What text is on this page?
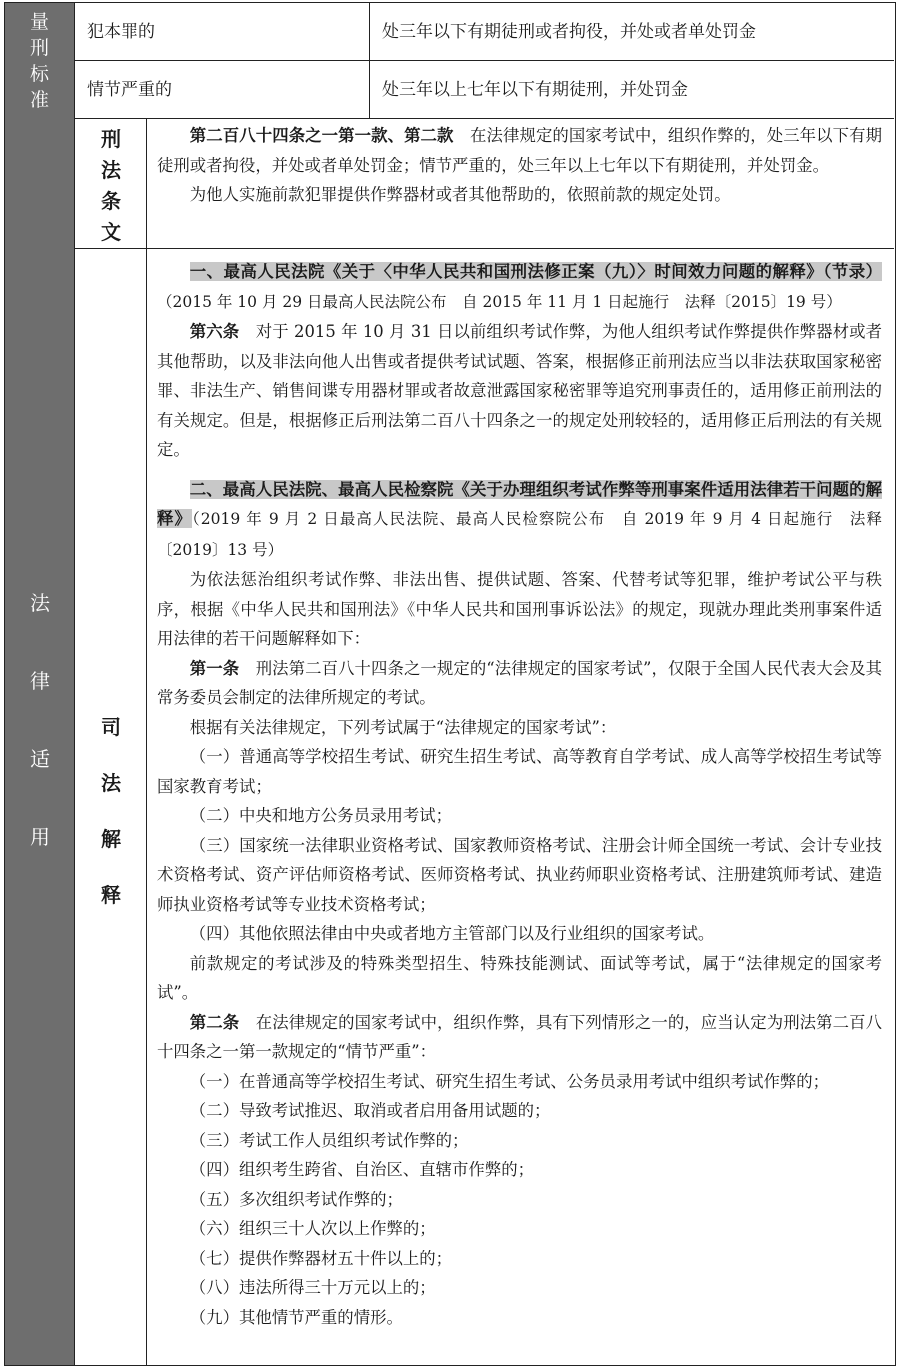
量刑标准
犯本罪的	处三年以下有期徒刑或者拘役，并处或者单处罚金
情节严重的	处三年以上七年以下有期徒刑，并处罚金
法
律
适
用
刑
法
条
文

第二百八十四条之一第一款、第二款　 在法律规定的国家考试中，组织作弊的，处三年以下有期徒刑或者拘役，并处或者单处罚金；情节严重的，处三年以上七年以下有期徒刑，并处罚金。

为他人实施前款犯罪提供作弊器材或者其他帮助的，依照前款的规定处罚。

司
法
解
释

一、最高人民法院《关于〈中华人民共和国刑法修正案（九）〉时间效力问题的解释》（节录）（2015 年 10 月 29 日最高人民法院公布　自 2015 年 11 月 1 日起施行　法释〔2015〕19 号）

第六条　 对于 2015 年 10 月 31 日以前组织考试作弊，为他人组织考试作弊提供作弊器材或者其他帮助，以及非法向他人出售或者提供考试试题、答案，根据修正前刑法应当以非法获取国家秘密罪、非法生产、销售间谍专用器材罪或者故意泄露国家秘密罪等追究刑事责任的，适用修正前刑法的有关规定。但是，根据修正后刑法第二百八十四条之一的规定处刑较轻的，适用修正后刑法的有关规定。

二、最高人民法院、最高人民检察院《关于办理组织考试作弊等刑事案件适用法律若干问题的解释》（2019 年 9 月 2 日最高人民法院、最高人民检察院公布　自 2019 年 9 月 4 日起施行　法释〔2019〕13 号）

为依法惩治组织考试作弊、非法出售、提供试题、答案、代替考试等犯罪，维护考试公平与秩序，根据《中华人民共和国刑法》《中华人民共和国刑事诉讼法》的规定，现就办理此类刑事案件适用法律的若干问题解释如下：

第一条　 刑法第二百八十四条之一规定的“法律规定的国家考试”，仅限于全国人民代表大会及其常务委员会制定的法律所规定的考试。

根据有关法律规定，下列考试属于“法律规定的国家考试”：

（一）普通高等学校招生考试、研究生招生考试、高等教育自学考试、成人高等学校招生考试等国家教育考试；

（二）中央和地方公务员录用考试；

（三）国家统一法律职业资格考试、国家教师资格考试、注册会计师全国统一考试、会计专业技术资格考试、资产评估师资格考试、医师资格考试、执业药师职业资格考试、注册建筑师考试、建造师执业资格考试等专业技术资格考试；

（四）其他依照法律由中央或者地方主管部门以及行业组织的国家考试。

前款规定的考试涉及的特殊类型招生、特殊技能测试、面试等考试，属于“法律规定的国家考试”。

第二条　 在法律规定的国家考试中，组织作弊，具有下列情形之一的，应当认定为刑法第二百八十四条之一第一款规定的“情节严重”：

（一）在普通高等学校招生考试、研究生招生考试、公务员录用考试中组织考试作弊的；

（二）导致考试推迟、取消或者启用备用试题的；

（三）考试工作人员组织考试作弊的；

（四）组织考生跨省、自治区、直辖市作弊的；

（五）多次组织考试作弊的；

（六）组织三十人次以上作弊的；

（七）提供作弊器材五十件以上的；

（八）违法所得三十万元以上的；

（九）其他情节严重的情形。
